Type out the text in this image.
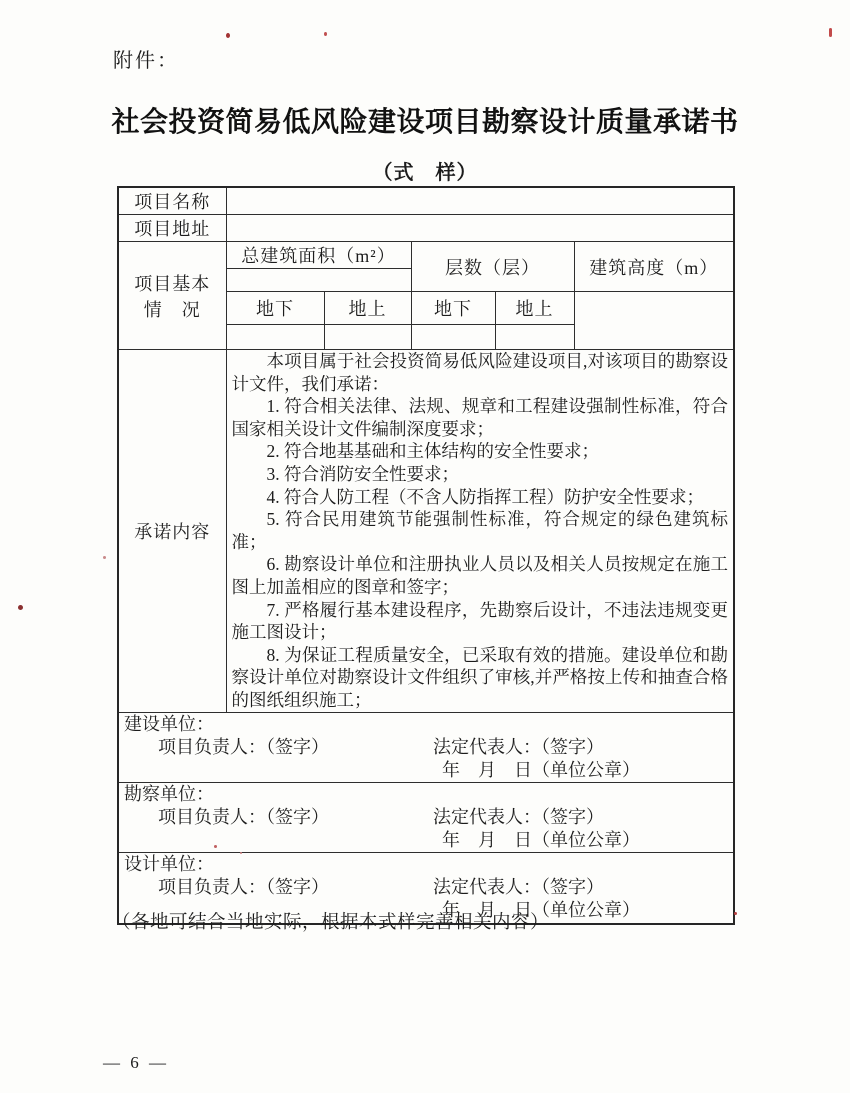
附件：
社会投资简易低风险建设项目勘察设计质量承诺书
（式　样）
项目名称					
项目地址					

项目基本
情　况	总建筑面积（m²）		层数（层）		建筑高度（m）

	地下	地上	地下	地上	

承诺内容	

本项目属于社会投资简易低风险建设项目,对该项目的勘察设计文件，我们承诺：

1. 符合相关法律、法规、规章和工程建设强制性标准，符合国家相关设计文件编制深度要求；

2. 符合地基基础和主体结构的安全性要求；

3. 符合消防安全性要求；

4. 符合人防工程（不含人防指挥工程）防护安全性要求；

5. 符合民用建筑节能强制性标准，符合规定的绿色建筑标准；

6. 勘察设计单位和注册执业人员以及相关人员按规定在施工图上加盖相应的图章和签字；

7. 严格履行基本建设程序，先勘察后设计，不违法违规变更施工图设计；

8. 为保证工程质量安全，已采取有效的措施。建设单位和勘察设计单位对勘察设计文件组织了审核,并严格按上传和抽查合格的图纸组织施工；

建设单位：
项目负责人：（签字） 法定代表人：（签字）
年　月　日（单位公章）					

勘察单位：
项目负责人：（签字） 法定代表人：（签字）
年　月　日（单位公章）					

设计单位：
项目负责人：（签字） 法定代表人：（签字）
年　月　日（单位公章）					
（各地可结合当地实际，根据本式样完善相关内容）
— 6 —
